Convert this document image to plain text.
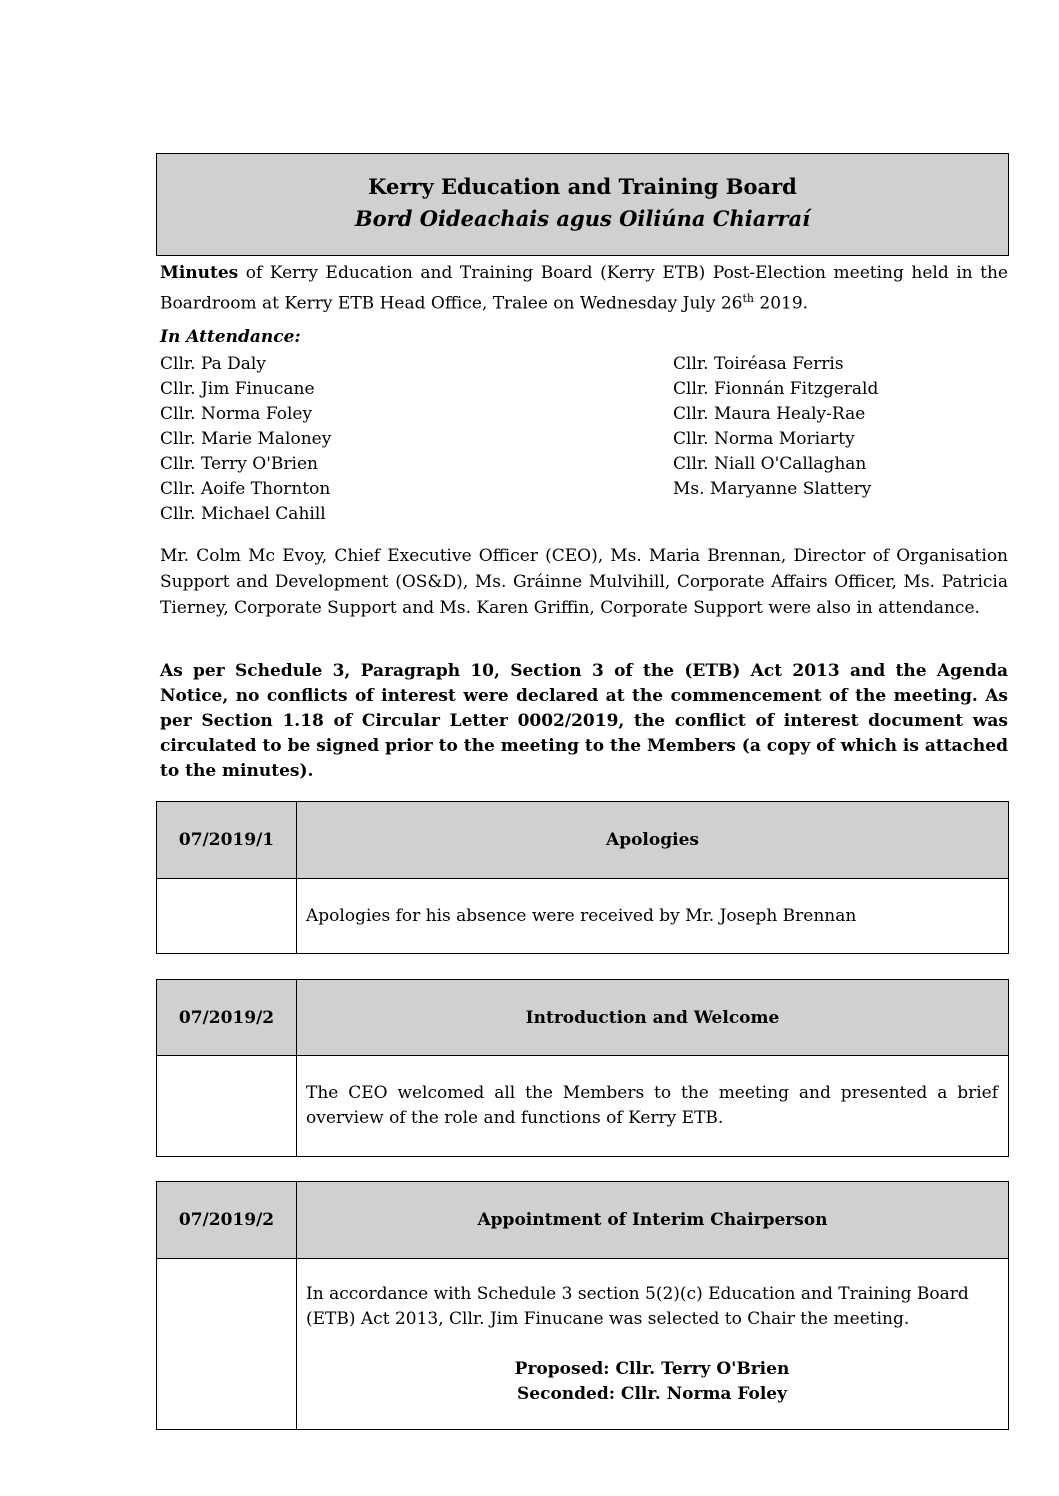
Kerry Education and Training Board
Bord Oideachais agus Oiliúna Chiarraí
Minutes of Kerry Education and Training Board (Kerry ETB) Post-Election meeting held in the Boardroom at Kerry ETB Head Office, Tralee on Wednesday July 26th 2019.
In Attendance:
Cllr. Pa Daly
Cllr. Jim Finucane
Cllr. Norma Foley
Cllr. Marie Maloney
Cllr. Terry O'Brien
Cllr. Aoife Thornton
Cllr. Michael Cahill
Cllr. Toiréasa Ferris
Cllr. Fionnán Fitzgerald
Cllr. Maura Healy-Rae
Cllr. Norma Moriarty
Cllr. Niall O'Callaghan
Ms. Maryanne Slattery
Mr. Colm Mc Evoy, Chief Executive Officer (CEO), Ms. Maria Brennan, Director of Organisation Support and Development (OS&D), Ms. Gráinne Mulvihill, Corporate Affairs Officer, Ms. Patricia Tierney, Corporate Support and Ms. Karen Griffin, Corporate Support were also in attendance.
As per Schedule 3, Paragraph 10, Section 3 of the (ETB) Act 2013 and the Agenda Notice, no conflicts of interest were declared at the commencement of the meeting. As per Section 1.18 of Circular Letter 0002/2019, the conflict of interest document was circulated to be signed prior to the meeting to the Members (a copy of which is attached to the minutes).
07/2019/1	Apologies
	Apologies for his absence were received by Mr. Joseph Brennan
07/2019/2	Introduction and Welcome
	The CEO welcomed all the Members to the meeting and presented a brief overview of the role and functions of Kerry ETB.
07/2019/2	Appointment of Interim Chairperson

	In accordance with Schedule 3 section 5(2)(c) Education and Training Board (ETB) Act 2013, Cllr. Jim Finucane was selected to Chair the meeting.
Proposed: Cllr. Terry O'Brien
Seconded: Cllr. Norma Foley
